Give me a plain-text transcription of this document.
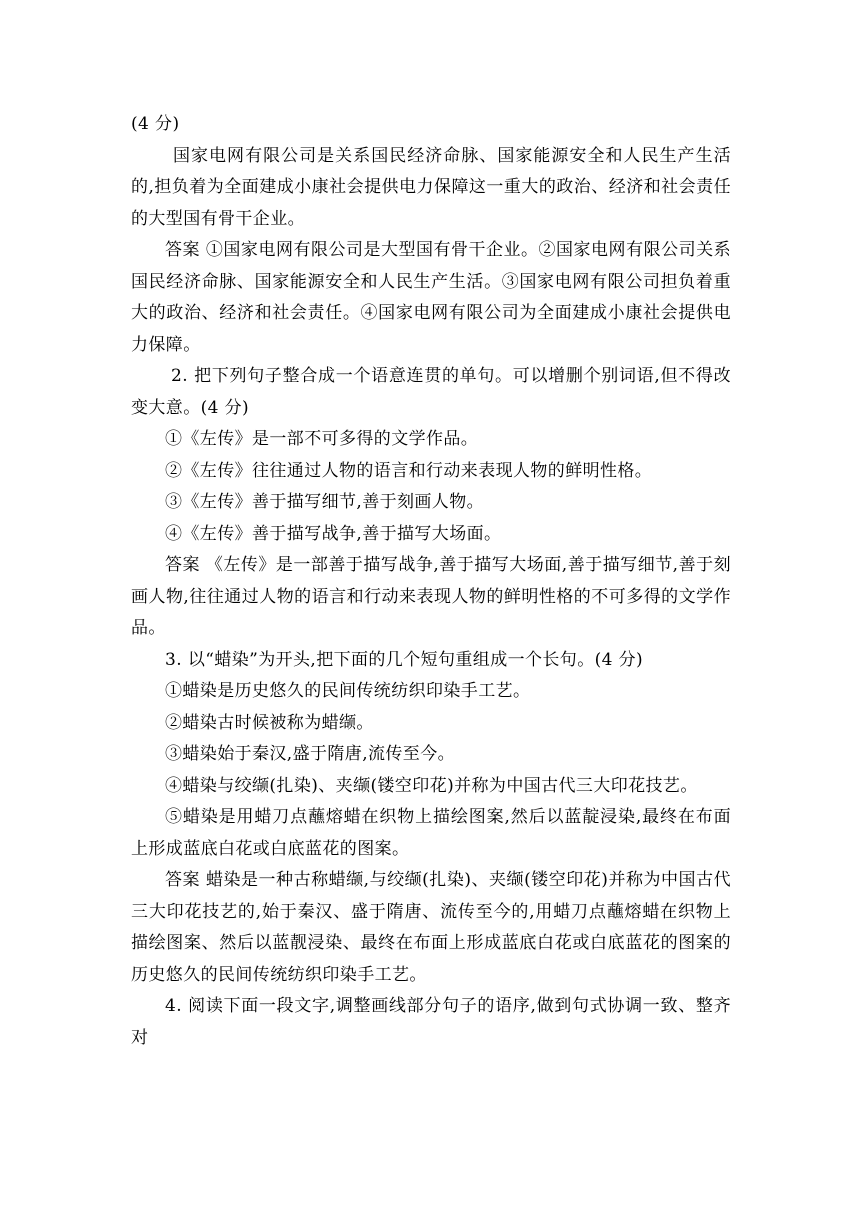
(4 分)

国家电网有限公司是关系国民经济命脉、国家能源安全和人民生产生活的,担负着为全面建成小康社会提供电力保障这一重大的政治、经济和社会责任的大型国有骨干企业。

答案 ①国家电网有限公司是大型国有骨干企业。②国家电网有限公司关系国民经济命脉、国家能源安全和人民生产生活。③国家电网有限公司担负着重大的政治、经济和社会责任。④国家电网有限公司为全面建成小康社会提供电力保障。

2. 把下列句子整合成一个语意连贯的单句。可以增删个别词语,但不得改变大意。(4 分)

①《左传》是一部不可多得的文学作品。

②《左传》往往通过人物的语言和行动来表现人物的鲜明性格。

③《左传》善于描写细节,善于刻画人物。

④《左传》善于描写战争,善于描写大场面。

答案 《左传》是一部善于描写战争,善于描写大场面,善于描写细节,善于刻画人物,往往通过人物的语言和行动来表现人物的鲜明性格的不可多得的文学作品。

3. 以“蜡染”为开头,把下面的几个短句重组成一个长句。(4 分)

①蜡染是历史悠久的民间传统纺织印染手工艺。

②蜡染古时候被称为蜡缬。

③蜡染始于秦汉,盛于隋唐,流传至今。

④蜡染与绞缬(扎染)、夹缬(镂空印花)并称为中国古代三大印花技艺。

⑤蜡染是用蜡刀点蘸熔蜡在织物上描绘图案,然后以蓝靛浸染,最终在布面上形成蓝底白花或白底蓝花的图案。

答案 蜡染是一种古称蜡缬,与绞缬(扎染)、夹缬(镂空印花)并称为中国古代三大印花技艺的,始于秦汉、盛于隋唐、流传至今的,用蜡刀点蘸熔蜡在织物上描绘图案、然后以蓝靓浸染、最终在布面上形成蓝底白花或白底蓝花的图案的历史悠久的民间传统纺织印染手工艺。

4. 阅读下面一段文字,调整画线部分句子的语序,做到句式协调一致、整齐对
